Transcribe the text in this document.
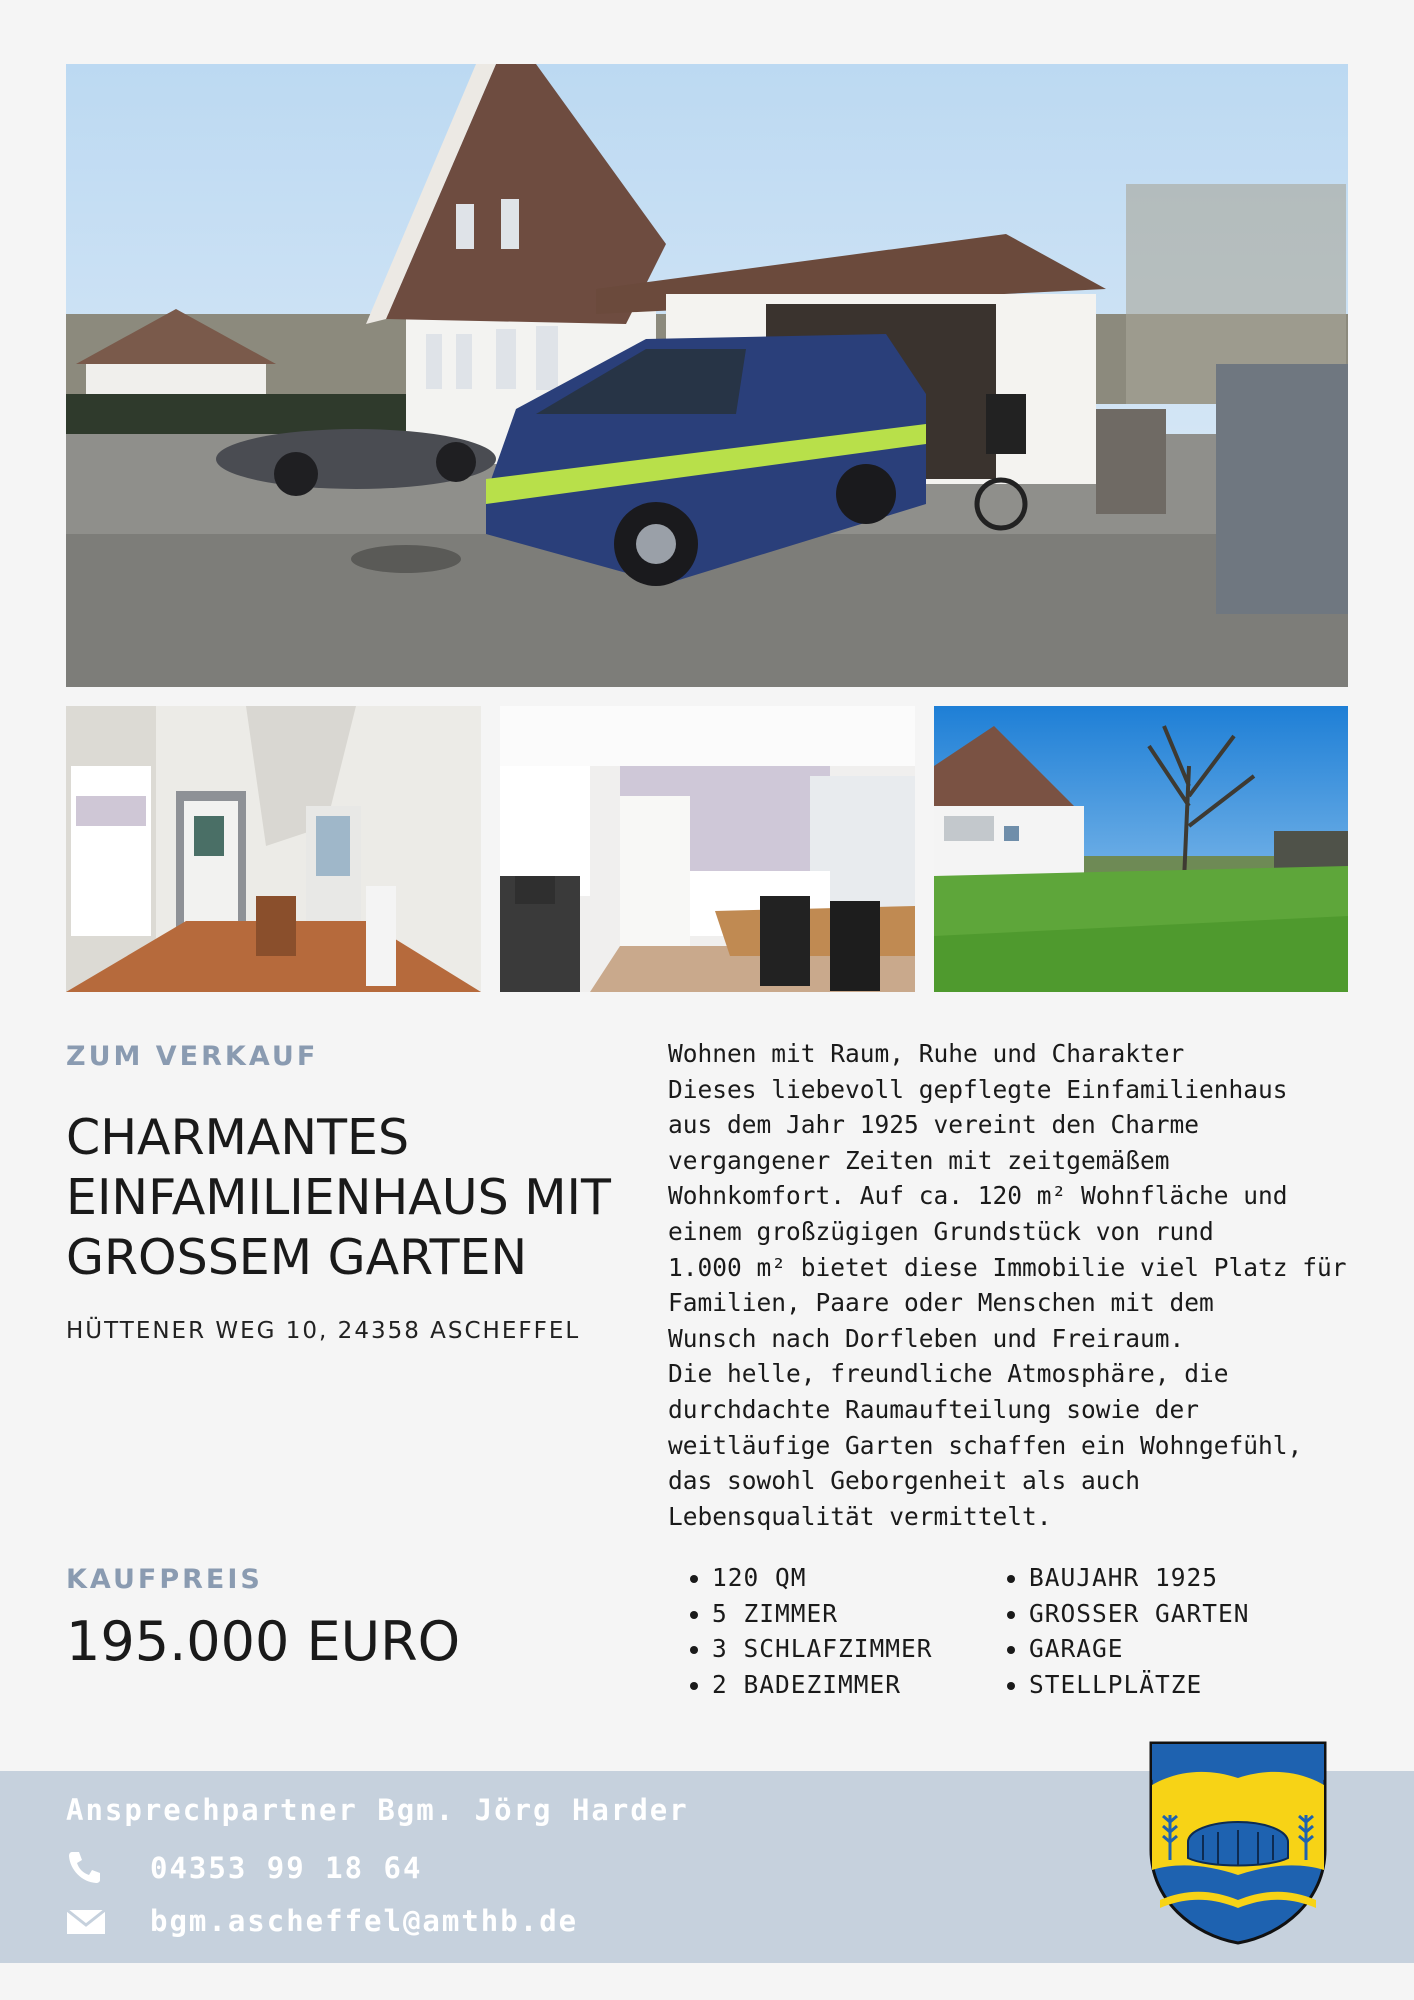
ZUM VERKAUF
CHARMANTES EINFAMILIENHAUS MIT GROSSEM GARTEN
HÜTTENER WEG 10, 24358 ASCHEFFEL
KAUFPREIS
195.000 EURO
Wohnen mit Raum, Ruhe und Charakter
Dieses liebevoll gepflegte Einfamilienhaus
aus dem Jahr 1925 vereint den Charme
vergangener Zeiten mit zeitgemäßem
Wohnkomfort. Auf ca. 120 m² Wohnfläche und
einem großzügigen Grundstück von rund
1.000 m² bietet diese Immobilie viel Platz für
Familien, Paare oder Menschen mit dem
Wunsch nach Dorfleben und Freiraum.
Die helle, freundliche Atmosphäre, die
durchdachte Raumaufteilung sowie der
weitläufige Garten schaffen ein Wohngefühl,
das sowohl Geborgenheit als auch
Lebensqualität vermittelt.
• 120 QM
• 5 ZIMMER
• 3 SCHLAFZIMMER
• 2 BADEZIMMER
• BAUJAHR 1925
• GROSSER GARTEN
• GARAGE
• STELLPLÄTZE
Ansprechpartner Bgm. Jörg Harder
04353 99 18 64
bgm.ascheffel@amthb.de
